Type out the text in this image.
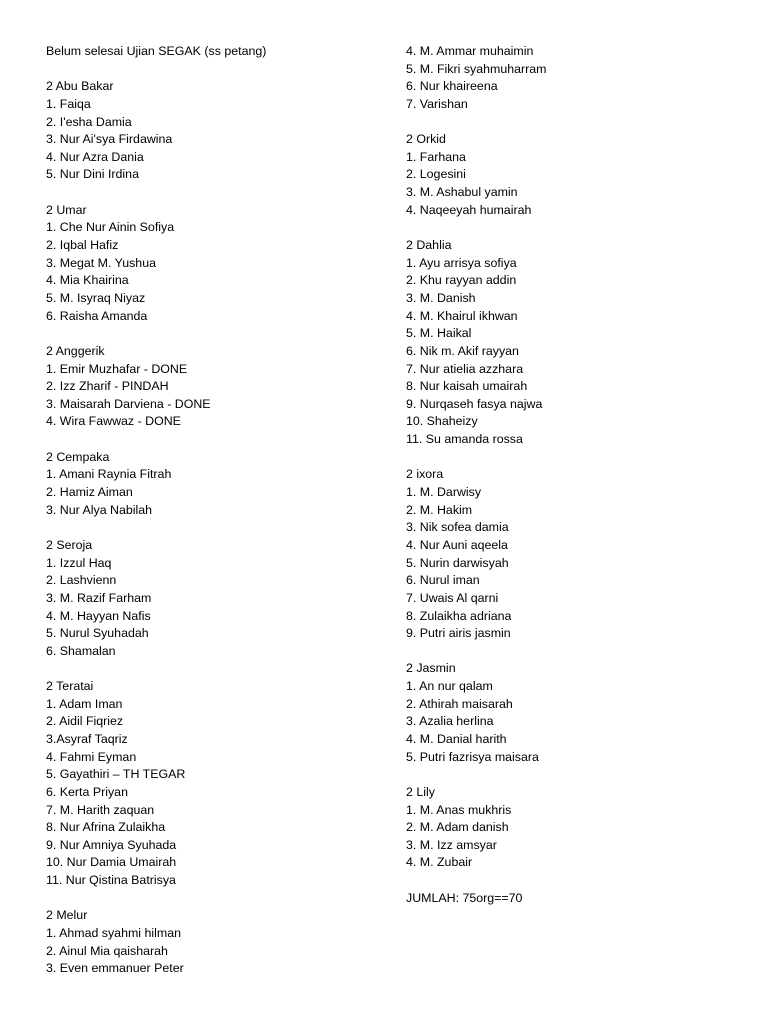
Belum selesai Ujian SEGAK (ss petang)
2 Abu Bakar
1. Faiqa
2. I'esha Damia
3. Nur Ai'sya Firdawina
4. Nur Azra Dania
5. Nur Dini Irdina
2 Umar
1. Che Nur Ainin Sofiya
2. Iqbal Hafiz
3. Megat M. Yushua
4. Mia Khairina
5. M. Isyraq Niyaz
6. Raisha Amanda
2 Anggerik
1. Emir Muzhafar - DONE
2. Izz Zharif - PINDAH
3. Maisarah Darviena - DONE
4. Wira Fawwaz - DONE
2 Cempaka
1. Amani Raynia Fitrah
2. Hamiz Aiman
3. Nur Alya Nabilah
2 Seroja
1. Izzul Haq
2. Lashvienn
3. M. Razif Farham
4. M. Hayyan Nafis
5. Nurul Syuhadah
6. Shamalan
2 Teratai
1. Adam Iman
2. Aidil Fiqriez
3.Asyraf Taqriz
4. Fahmi Eyman
5. Gayathiri – TH TEGAR
6. Kerta Priyan
7. M. Harith zaquan
8. Nur Afrina Zulaikha
9. Nur Amniya Syuhada
10. Nur Damia Umairah
11. Nur Qistina Batrisya
2 Melur
1. Ahmad syahmi hilman
2. Ainul Mia qaisharah
3. Even emmanuer Peter
4. M. Ammar muhaimin
5. M. Fikri syahmuharram
6. Nur khaireena
7. Varishan
2 Orkid
1. Farhana
2. Logesini
3. M. Ashabul yamin
4. Naqeeyah humairah
2 Dahlia
1. Ayu arrisya sofiya
2. Khu rayyan addin
3. M. Danish
4. M. Khairul ikhwan
5. M. Haikal
6. Nik m. Akif rayyan
7. Nur atielia azzhara
8. Nur kaisah umairah
9. Nurqaseh fasya najwa
10. Shaheizy
11. Su amanda rossa
2 ixora
1. M. Darwisy
2. M. Hakim
3. Nik sofea damia
4. Nur Auni aqeela
5. Nurin darwisyah
6. Nurul iman
7. Uwais Al qarni
8. Zulaikha adriana
9. Putri airis jasmin
2 Jasmin
1. An nur qalam
2. Athirah maisarah
3. Azalia herlina
4. M. Danial harith
5. Putri fazrisya maisara
2 Lily
1. M. Anas mukhris
2. M. Adam danish
3. M. Izz amsyar
4. M. Zubair
JUMLAH: 75org==70
